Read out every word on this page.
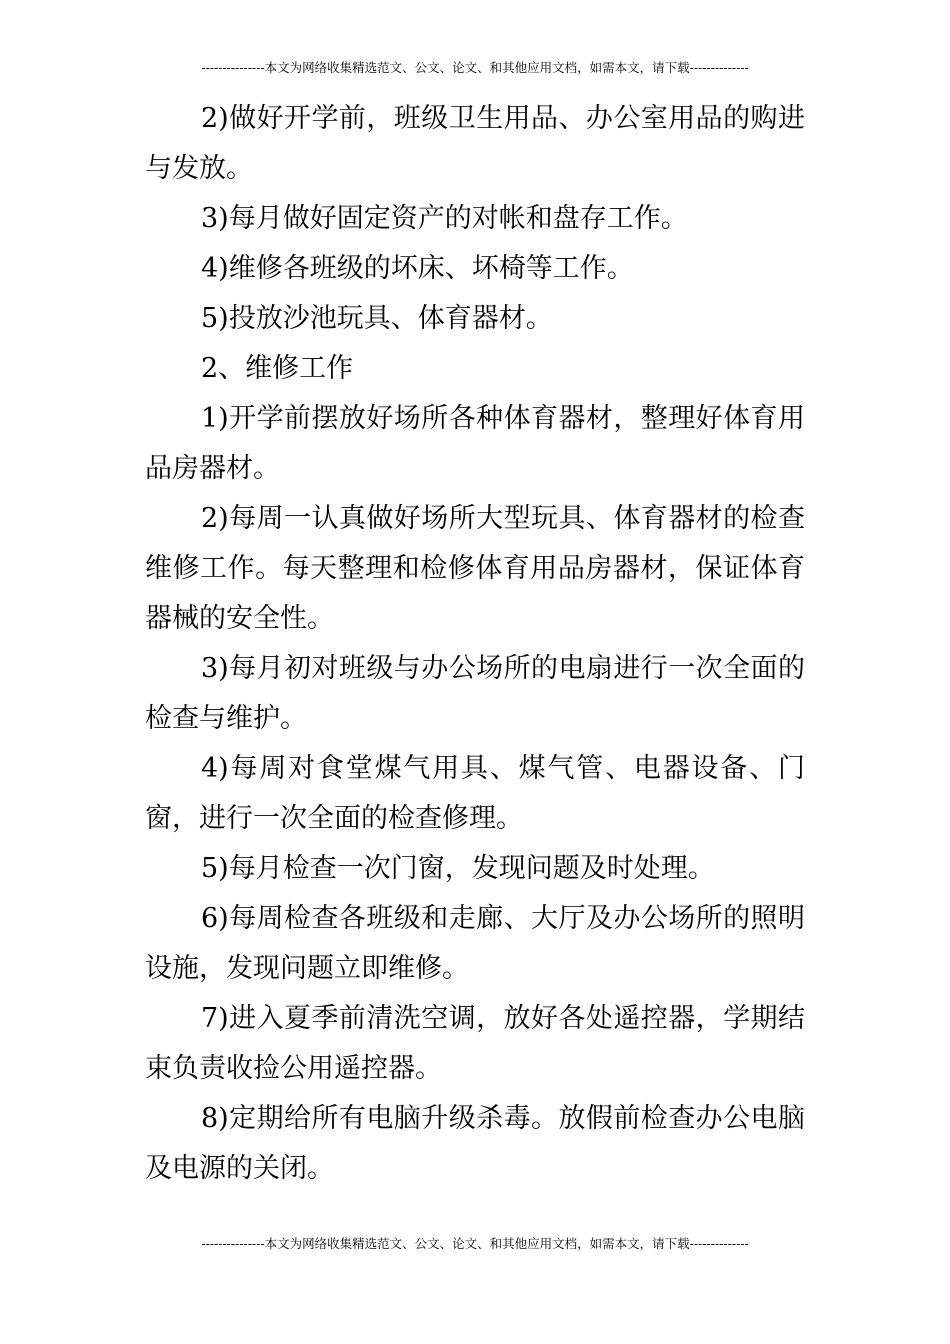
---------------本文为网络收集精选范文、公文、论文、和其他应用文档，如需本文，请下载--------------

2)做好开学前，班级卫生用品、办公室用品的购进与发放。

3)每月做好固定资产的对帐和盘存工作。

4)维修各班级的坏床、坏椅等工作。

5)投放沙池玩具、体育器材。

2、维修工作

1)开学前摆放好场所各种体育器材，整理好体育用品房器材。

2)每周一认真做好场所大型玩具、体育器材的检查维修工作。每天整理和检修体育用品房器材，保证体育器械的安全性。

3)每月初对班级与办公场所的电扇进行一次全面的检查与维护。

4)每周对食堂煤气用具、煤气管、电器设备、门窗，进行一次全面的检查修理。

5)每月检查一次门窗，发现问题及时处理。

6)每周检查各班级和走廊、大厅及办公场所的照明设施，发现问题立即维修。

7)进入夏季前清洗空调，放好各处遥控器，学期结束负责收捡公用遥控器。

8)定期给所有电脑升级杀毒。放假前检查办公电脑及电源的关闭。

---------------本文为网络收集精选范文、公文、论文、和其他应用文档，如需本文，请下载--------------
